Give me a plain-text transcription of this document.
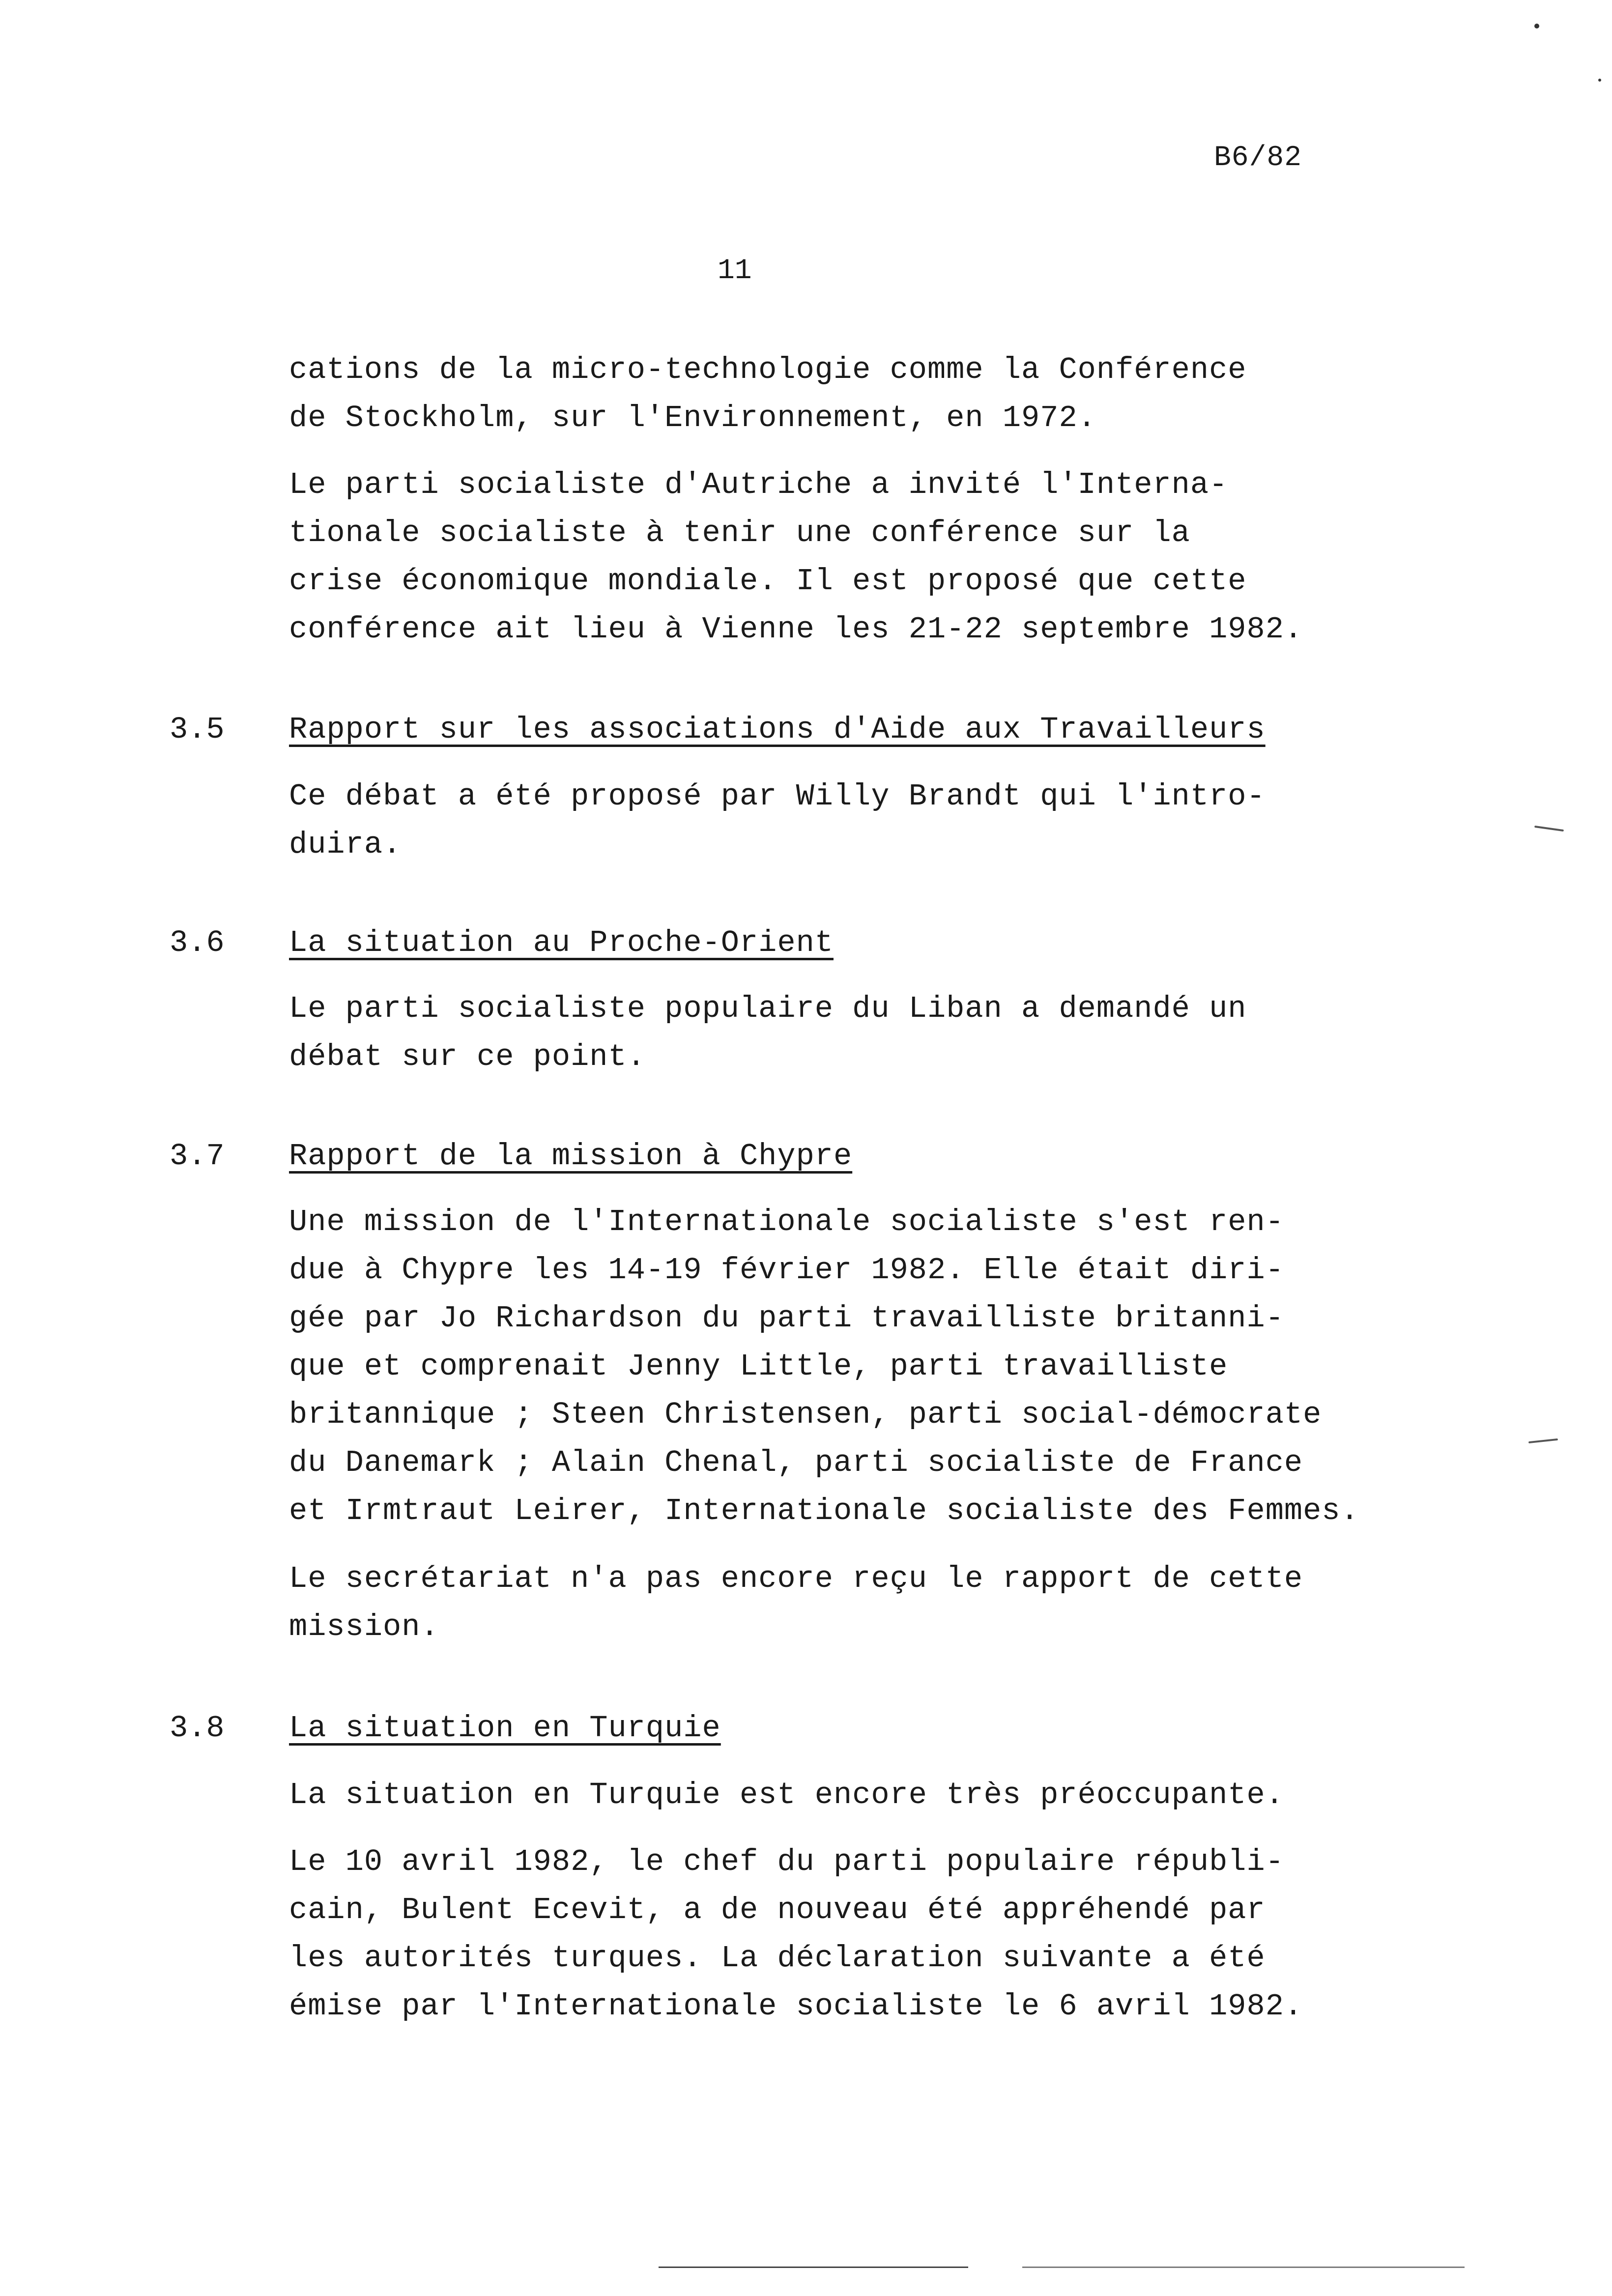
B6/82
11
cations de la micro-technologie comme la Conférence
de Stockholm, sur l'Environnement, en 1972.
Le parti socialiste d'Autriche a invité l'Interna-
tionale socialiste à tenir une conférence sur la
crise économique mondiale. Il est proposé que cette
conférence ait lieu à Vienne les 21-22 septembre 1982.
3.5 Rapport sur les associations d'Aide aux Travailleurs
Ce débat a été proposé par Willy Brandt qui l'intro-
duira.
3.6 La situation au Proche-Orient
Le parti socialiste populaire du Liban a demandé un
débat sur ce point.
3.7 Rapport de la mission à Chypre
Une mission de l'Internationale socialiste s'est ren-
due à Chypre les 14-19 février 1982. Elle était diri-
gée par Jo Richardson du parti travailliste britanni-
que et comprenait Jenny Little, parti travailliste
britannique ; Steen Christensen, parti social-démocrate
du Danemark ; Alain Chenal, parti socialiste de France
et Irmtraut Leirer, Internationale socialiste des Femmes.
Le secrétariat n'a pas encore reçu le rapport de cette
mission.
3.8 La situation en Turquie
La situation en Turquie est encore très préoccupante.
Le 10 avril 1982, le chef du parti populaire républi-
cain, Bulent Ecevit, a de nouveau été appréhendé par
les autorités turques. La déclaration suivante a été
émise par l'Internationale socialiste le 6 avril 1982.
